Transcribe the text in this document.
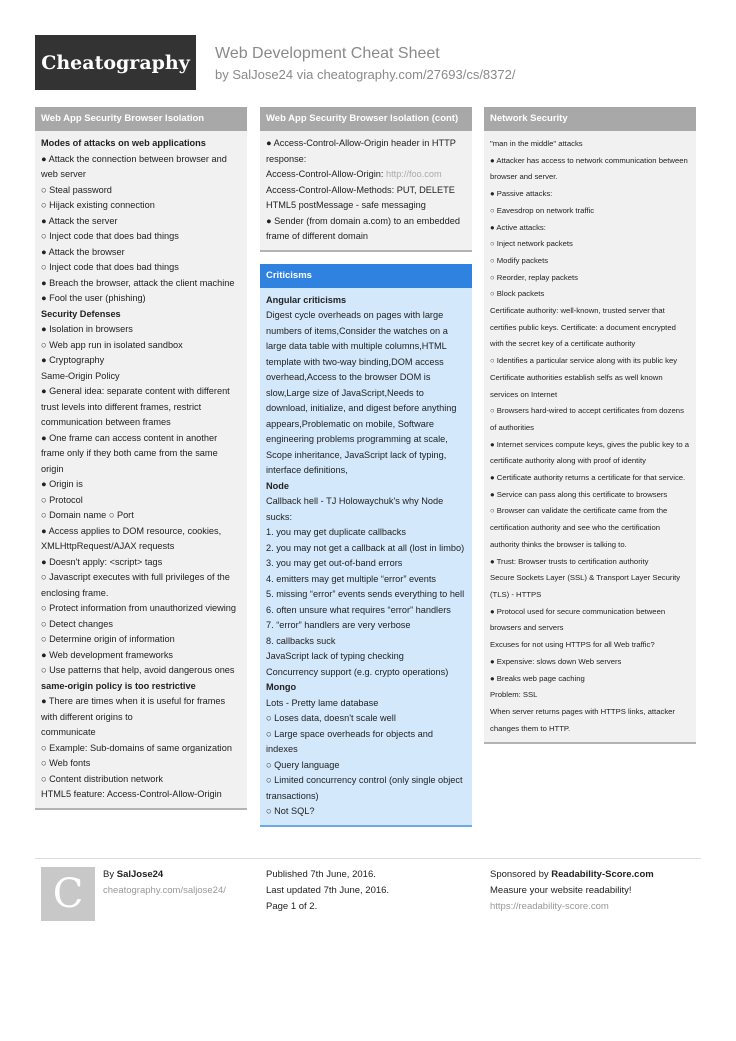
Cheatography	Web Development Cheat Sheet
by SalJose24 via cheatography.com/27693/cs/8372/
Web App Security Browser Isolation
Modes of attacks on web applications
● Attack the connection between browser and web server
○ Steal password
○ Hijack existing connection
● Attack the server
○ Inject code that does bad things
● Attack the browser
○ Inject code that does bad things
● Breach the browser, attack the client machine
● Fool the user (phishing)
Security Defenses
● Isolation in browsers
○ Web app run in isolated sandbox
● Cryptography
Same-Origin Policy
● General idea: separate content with different trust levels into different frames, restrict communication between frames
● One frame can access content in another frame only if they both came from the same origin
● Origin is
○ Protocol
○ Domain name ○ Port
● Access applies to DOM resource, cookies, XMLHttpRequest/AJAX requests
● Doesn't apply: <script> tags
○ Javascript executes with full privileges of the enclosing frame.
○ Protect information from unauthorized viewing
○ Detect changes
○ Determine origin of information
● Web development frameworks
○ Use patterns that help, avoid dangerous ones
same-origin policy is too restrictive
● There are times when it is useful for frames with different origins to
communicate
○ Example: Sub-domains of same organization
○ Web fonts
○ Content distribution network
HTML5 feature: Access-Control-Allow-Origin
Web App Security Browser Isolation (cont)
● Access-Control-Allow-Origin header in HTTP response:
Access-Control-Allow-Origin: http://foo.com
Access-Control-Allow-Methods: PUT, DELETE
HTML5 postMessage - safe messaging
● Sender (from domain a.com) to an embedded frame of different domain
Criticisms
Angular criticisms
Digest cycle overheads on pages with large numbers of items,Consider the watches on a large data table with multiple columns,HTML template with two-way binding,DOM access overhead,Access to the browser DOM is slow,Large size of JavaScript,Needs to download, initialize, and digest before anything appears,Problematic on mobile, Software engineering problems programming at scale, Scope inheritance, JavaScript lack of typing, interface definitions,
Node
Callback hell - TJ Holowaychuk's why Node sucks:
1. you may get duplicate callbacks
2. you may not get a callback at all (lost in limbo)
3. you may get out-of-band errors
4. emitters may get multiple “error” events
5. missing “error” events sends everything to hell
6. often unsure what requires “error” handlers
7. “error” handlers are very verbose
8. callbacks suck
JavaScript lack of typing checking
Concurrency support (e.g. crypto operations)
Mongo
Lots - Pretty lame database
○ Loses data, doesn't scale well
○ Large space overheads for objects and indexes
○ Query language
○ Limited concurrency control (only single object transactions)
○ Not SQL?
Network Security
"man in the middle" attacks
● Attacker has access to network communication between browser and server.
● Passive attacks:
○ Eavesdrop on network traffic
● Active attacks:
○ Inject network packets
○ Modify packets
○ Reorder, replay packets
○ Block packets
Certificate authority: well-known, trusted server that certifies public keys. Certificate: a document encrypted with the secret key of a certificate authority
○ Identifies a particular service along with its public key
Certificate authorities establish selfs as well known services on Internet
○ Browsers hard-wired to accept certificates from dozens of authorities
● Internet services compute keys, gives the public key to a certificate authority along with proof of identity
● Certificate authority returns a certificate for that service.
● Service can pass along this certificate to browsers
○ Browser can validate the certificate came from the certification authority and see who the certification authority thinks the browser is talking to.
● Trust: Browser trusts to certification authority
Secure Sockets Layer (SSL) & Transport Layer Security (TLS) - HTTPS
● Protocol used for secure communication between browsers and servers
Excuses for not using HTTPS for all Web traffic?
● Expensive: slows down Web servers
● Breaks web page caching
Problem: SSL
When server returns pages with HTTPS links, attacker changes them to HTTP.
C	By SalJose24
cheatography.com/saljose24/
Published 7th June, 2016.
Last updated 7th June, 2016.
Page 1 of 2.
Sponsored by Readability-Score.com
Measure your website readability!
https://readability-score.com
